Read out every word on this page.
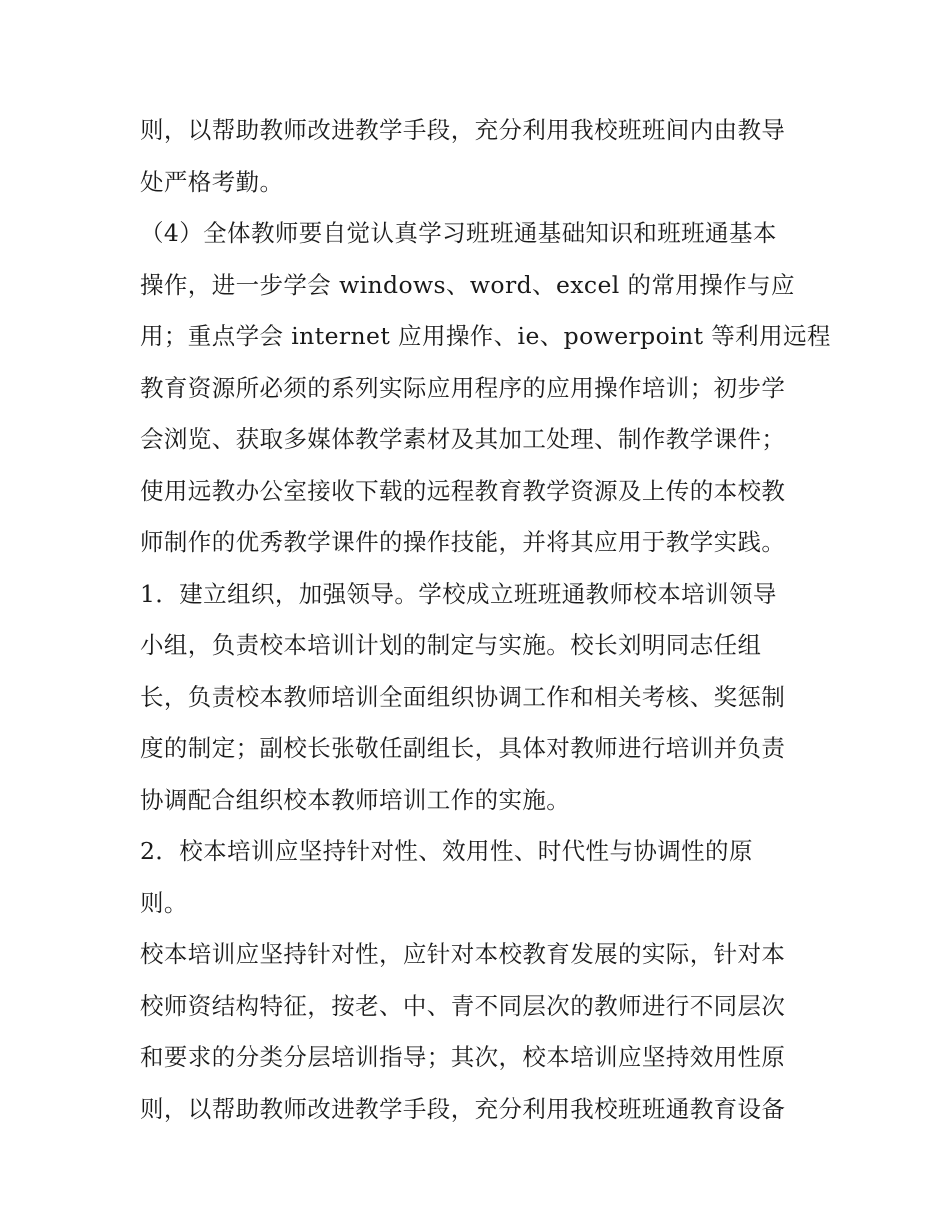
则，以帮助教师改进教学手段，充分利用我校班班间内由教导
处严格考勤。
（4）全体教师要自觉认真学习班班通基础知识和班班通基本
操作，进一步学会 windows、word、excel 的常用操作与应
用；重点学会 internet 应用操作、ie、powerpoint 等利用远程
教育资源所必须的系列实际应用程序的应用操作培训；初步学
会浏览、获取多媒体教学素材及其加工处理、制作教学课件；
使用远教办公室接收下载的远程教育教学资源及上传的本校教
师制作的优秀教学课件的操作技能，并将其应用于教学实践。
1．建立组织，加强领导。学校成立班班通教师校本培训领导
小组，负责校本培训计划的制定与实施。校长刘明同志任组
长，负责校本教师培训全面组织协调工作和相关考核、奖惩制
度的制定；副校长张敬任副组长，具体对教师进行培训并负责
协调配合组织校本教师培训工作的实施。
2．校本培训应坚持针对性、效用性、时代性与协调性的原
则。
校本培训应坚持针对性，应针对本校教育发展的实际，针对本
校师资结构特征，按老、中、青不同层次的教师进行不同层次
和要求的分类分层培训指导；其次，校本培训应坚持效用性原
则，以帮助教师改进教学手段，充分利用我校班班通教育设备
